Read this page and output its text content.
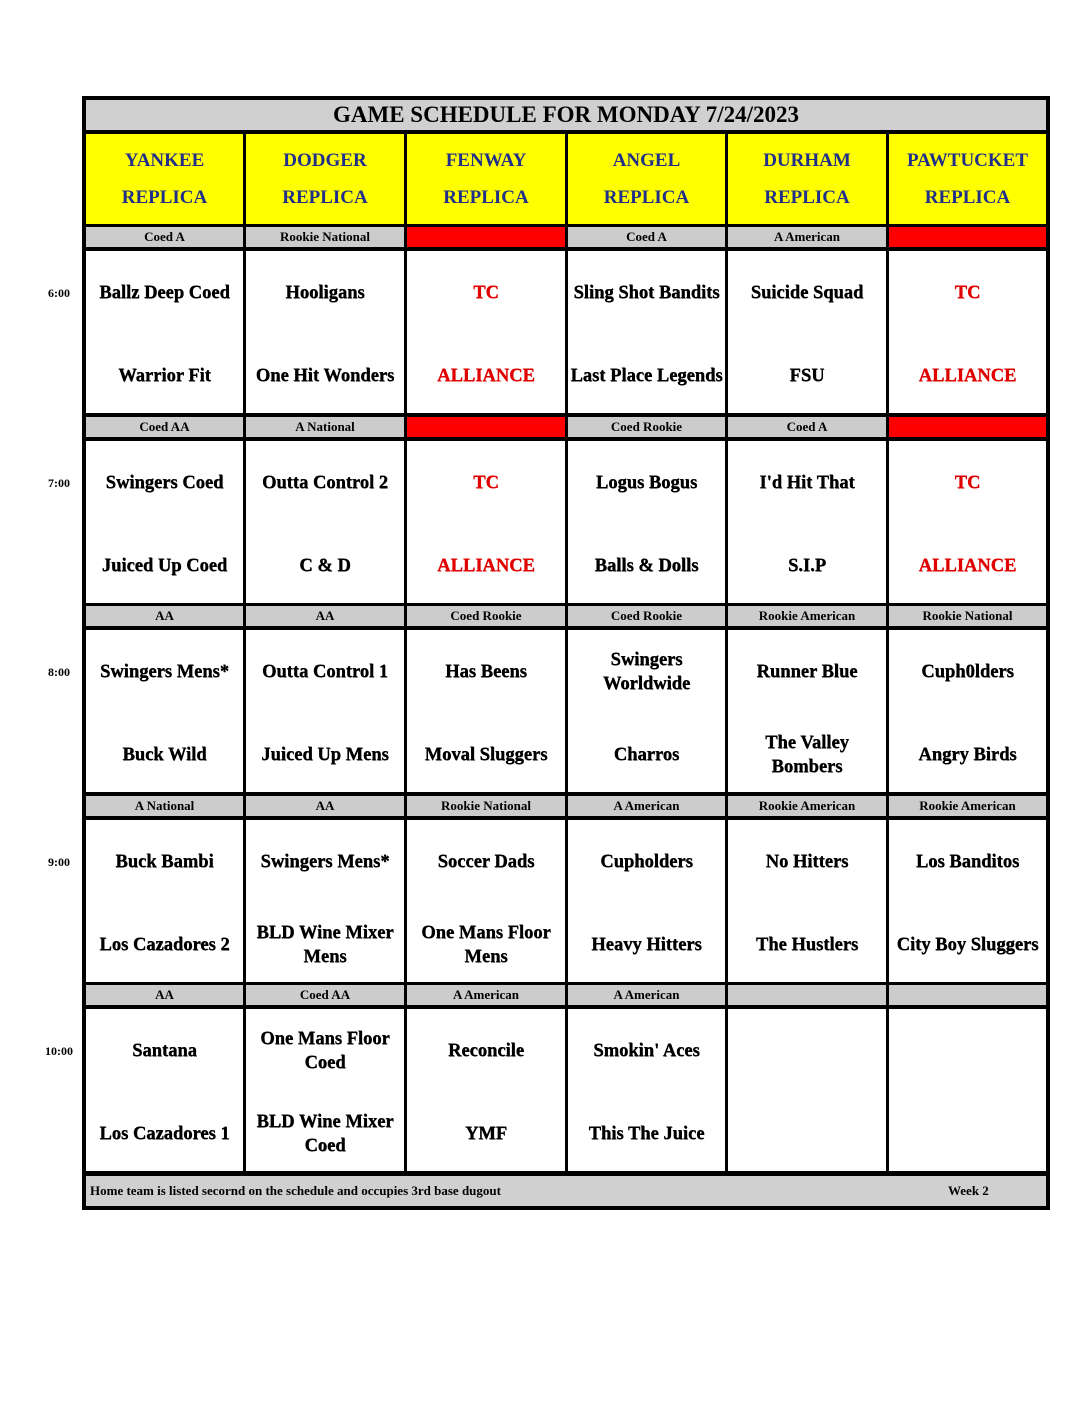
GAME SCHEDULE FOR MONDAY 7/24/2023
YANKEE
REPLICA
DODGER
REPLICA
FENWAY
REPLICA
ANGEL
REPLICA
DURHAM
REPLICA
PAWTUCKET
REPLICA
Coed A
Ballz Deep Coed
Warrior Fit
Rookie National
Hooligans
One Hit Wonders
TC
ALLIANCE
Coed A
Sling Shot Bandits
Last Place Legends
A American
Suicide Squad
FSU
TC
ALLIANCE
Coed AA
Swingers Coed
Juiced Up Coed
A National
Outta Control 2
C & D
TC
ALLIANCE
Coed Rookie
Logus Bogus
Balls & Dolls
Coed A
I'd Hit That
S.I.P
TC
ALLIANCE
AA
Swingers Mens*
Buck Wild
AA
Outta Control 1
Juiced Up Mens
Coed Rookie
Has Beens
Moval Sluggers
Coed Rookie
Swingers Worldwide
Charros
Rookie American
Runner Blue
The Valley Bombers
Rookie National
Cuph0lders
Angry Birds
A National
Buck Bambi
Los Cazadores 2
AA
Swingers Mens*
BLD Wine Mixer Mens
Rookie National
Soccer Dads
One Mans Floor Mens
A American
Cupholders
Heavy Hitters
Rookie American
No Hitters
The Hustlers
Rookie American
Los Banditos
City Boy Sluggers
AA
Santana
Los Cazadores 1
Coed AA
One Mans Floor Coed
BLD Wine Mixer Coed
A American
Reconcile
YMF
A American
Smokin' Aces
This The Juice
Home team is listed secornd on the schedule and occupies 3rd base dugout	Week 2
6:00
7:00
8:00
9:00
10:00
